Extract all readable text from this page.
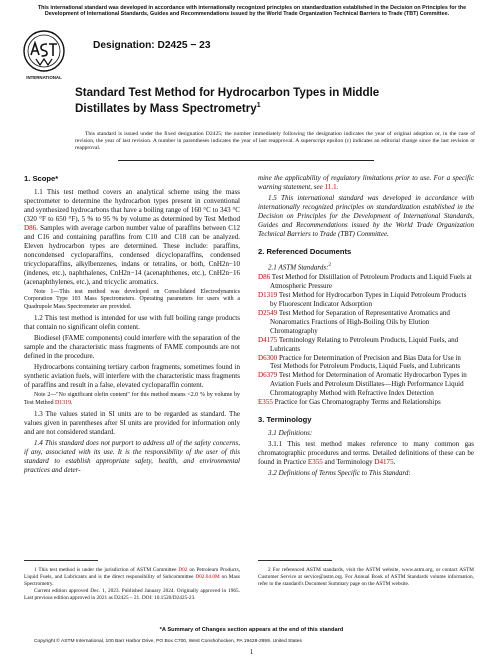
This international standard was developed in accordance with internationally recognized principles on standardization established in the Decision on Principles for the Development of International Standards, Guides and Recommendations issued by the World Trade Organization Technical Barriers to Trade (TBT) Committee.

INTERNATIONAL

Designation: D2425 − 23

Standard Test Method for Hydrocarbon Types in Middle Distillates by Mass Spectrometry$^1$

This standard is issued under the fixed designation D2425; the number immediately following the designation indicates the year of original adoption or, in the case of revision, the year of last revision. A number in parentheses indicates the year of last reapproval. A superscript epsilon (ε) indicates an editorial change since the last revision or reapproval.

1. Scope*

1.1 This test method covers an analytical scheme using the mass spectrometer to determine the hydrocarbon types present in conventional and synthesized hydrocarbons that have a boiling range of 160 °C to 343 °C (320 °F to 650 °F), 5 % to 95 % by volume as determined by Test Method D86. Samples with average carbon number value of paraffins between C12 and C16 and containing paraffins from C10 and C18 can be analyzed. Eleven hydrocarbon types are determined. These include: paraffins, noncondensed cycloparaffins, condensed dicycloparaffins, condensed tricycloparaffins, alkylbenzenes, indans or tetralins, or both, CnH2n−10 (indenes, etc.), naphthalenes, CnH2n−14 (acenaphthenes, etc.), CnH2n−16 (acenaphthylenes, etc.), and tricyclic aromatics.

Note 1—This test method was developed on Consolidated Electrodynamics Corporation Type 103 Mass Spectrometers. Operating parameters for users with a Quadrupole Mass Spectrometer are provided.

1.2 This test method is intended for use with full boiling range products that contain no significant olefin content.

Biodiesel (FAME components) could interfere with the separation of the sample and the characteristic mass fragments of FAME compounds are not defined in the procedure.

Hydrocarbons containing tertiary carbon fragments, sometimes found in synthetic aviation fuels, will interfere with the characteristic mass fragments of paraffins and result in a false, elevated cycloparaffin content.

Note 2—"No significant olefin content" for this method means <2.0 % by volume by Test Method D1319.

1.3 The values stated in SI units are to be regarded as standard. The values given in parentheses after SI units are provided for information only and are not considered standard.

1.4 This standard does not purport to address all of the safety concerns, if any, associated with its use. It is the responsibility of the user of this standard to establish appropriate safety, health, and environmental practices and deter-

mine the applicability of regulatory limitations prior to use. For a specific warning statement, see 11.1.

1.5 This international standard was developed in accordance with internationally recognized principles on standardization established in the Decision on Principles for the Development of International Standards, Guides and Recommendations issued by the World Trade Organization Technical Barriers to Trade (TBT) Committee.

2. Referenced Documents

2.1 ASTM Standards:$^2$

D86 Test Method for Distillation of Petroleum Products and Liquid Fuels at Atmospheric Pressure
D1319 Test Method for Hydrocarbon Types in Liquid Petroleum Products by Fluorescent Indicator Adsorption
D2549 Test Method for Separation of Representative Aromatics and Nonaromatics Fractions of High-Boiling Oils by Elution Chromatography
D4175 Terminology Relating to Petroleum Products, Liquid Fuels, and Lubricants
D6300 Practice for Determination of Precision and Bias Data for Use in Test Methods for Petroleum Products, Liquid Fuels, and Lubricants
D6379 Test Method for Determination of Aromatic Hydrocarbon Types in Aviation Fuels and Petroleum Distillates—High Performance Liquid Chromatography Method with Refractive Index Detection
E355 Practice for Gas Chromatography Terms and Relationships
3. Terminology

3.1 Definitions:

3.1.1 This test method makes reference to many common gas chromatographic procedures and terms. Detailed definitions of these can be found in Practice E355 and Terminology D4175.

3.2 Definitions of Terms Specific to This Standard:

1 This test method is under the jurisdiction of ASTM Committee D02 on Petroleum Products, Liquid Fuels, and Lubricants and is the direct responsibility of Subcommittee D02.04.0M on Mass Spectrometry.

Current edition approved Dec. 1, 2023. Published January 2024. Originally approved in 1965. Last previous edition approved in 2021 as D2425 – 21. DOI: 10.1520/D2425-23.

2 For referenced ASTM standards, visit the ASTM website, www.astm.org, or contact ASTM Customer Service at service@astm.org. For Annual Book of ASTM Standards volume information, refer to the standard's Document Summary page on the ASTM website.

*A Summary of Changes section appears at the end of this standard

Copyright © ASTM International, 100 Barr Harbor Drive, PO Box C700, West Conshohocken, PA 19428-2959. United States

1
